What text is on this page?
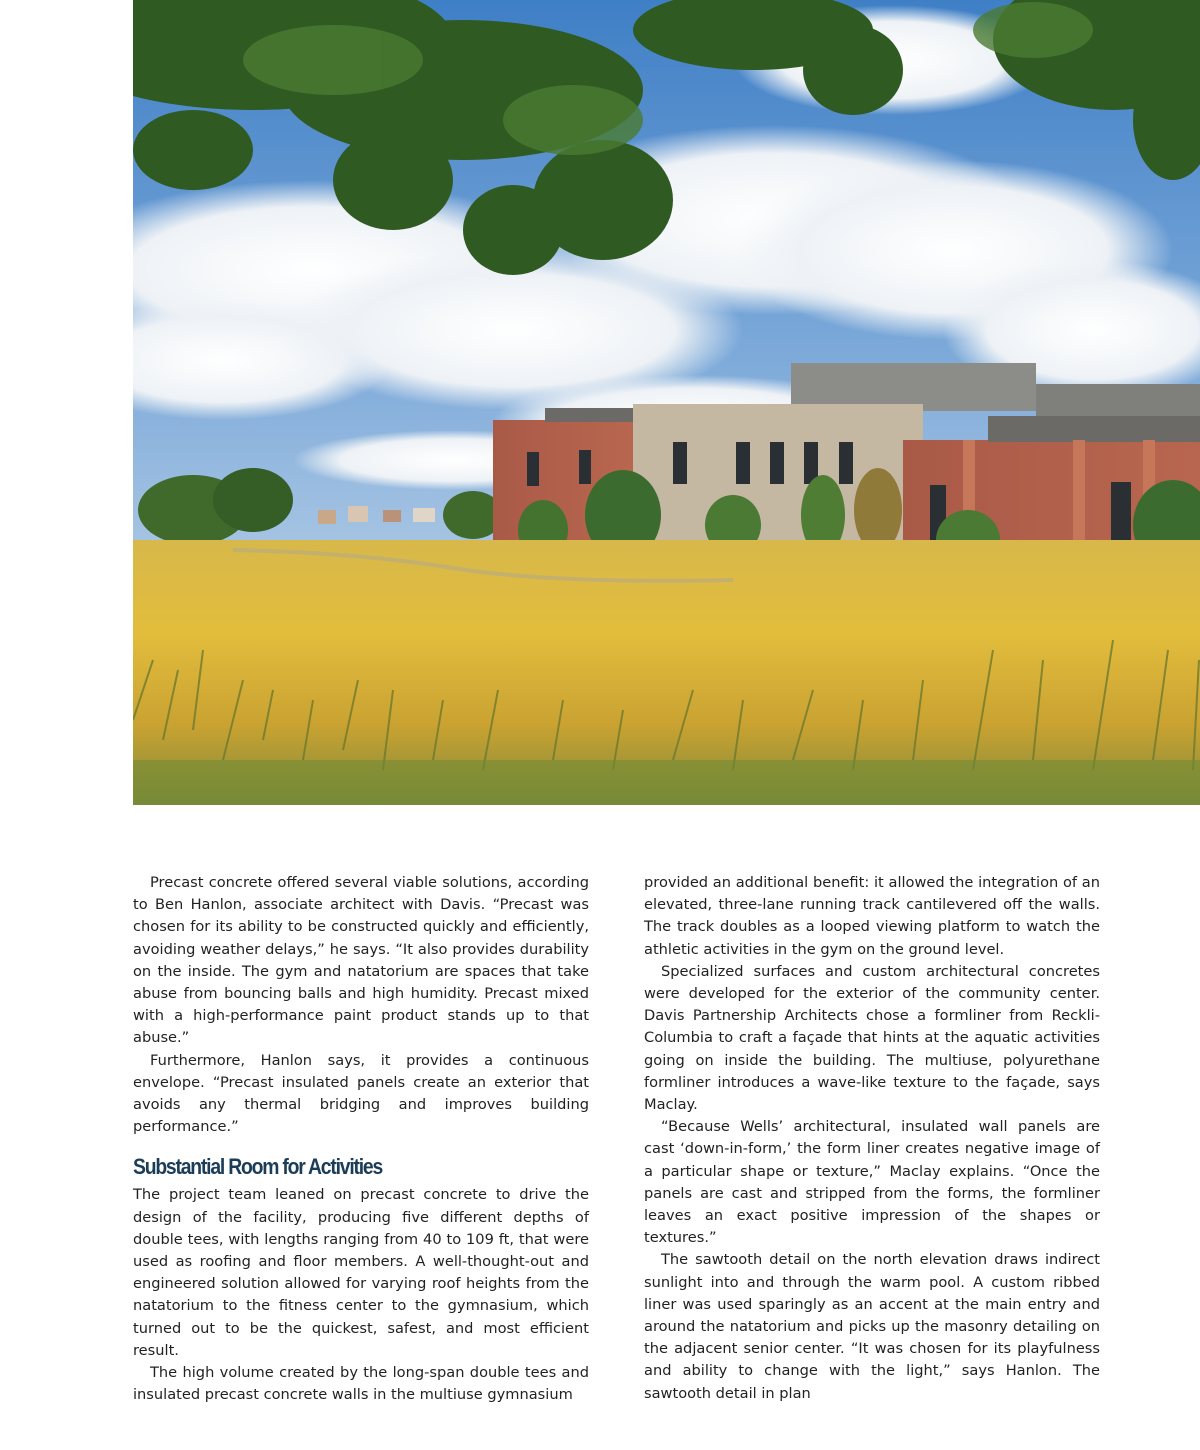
Precast concrete offered several viable solutions, according to Ben Hanlon, associate architect with Davis. “Precast was chosen for its ability to be constructed quickly and efficiently, avoiding weather delays,” he says. “It also provides durability on the inside. The gym and natatorium are spaces that take abuse from bouncing balls and high humidity. Precast mixed with a high-performance paint product stands up to that abuse.”

Furthermore, Hanlon says, it provides a continuous envelope. “Precast insulated panels create an exterior that avoids any thermal bridging and improves building performance.”

Substantial Room for Activities

The project team leaned on precast concrete to drive the design of the facility, producing five different depths of double tees, with lengths ranging from 40 to 109 ft, that were used as roofing and floor members. A well-thought-out and engineered solution allowed for varying roof heights from the natatorium to the fitness center to the gymnasium, which turned out to be the quickest, safest, and most efficient result.

The high volume created by the long-span double tees and insulated precast concrete walls in the multiuse gymnasium

provided an additional benefit: it allowed the integration of an elevated, three-lane running track cantilevered off the walls. The track doubles as a looped viewing platform to watch the athletic activities in the gym on the ground level.

Specialized surfaces and custom architectural concretes were developed for the exterior of the community center. Davis Partnership Architects chose a formliner from Reckli-Columbia to craft a façade that hints at the aquatic activities going on inside the building. The multiuse, polyurethane formliner introduces a wave-like texture to the façade, says Maclay.

“Because Wells’ architectural, insulated wall panels are cast ‘down-in-form,’ the form liner creates negative image of a particular shape or texture,” Maclay explains. “Once the panels are cast and stripped from the forms, the formliner leaves an exact positive impression of the shapes or textures.”

The sawtooth detail on the north elevation draws indirect sunlight into and through the warm pool. A custom ribbed liner was used sparingly as an accent at the main entry and around the natatorium and picks up the masonry detailing on the adjacent senior center. “It was chosen for its playfulness and ability to change with the light,” says Hanlon. The sawtooth detail in plan
